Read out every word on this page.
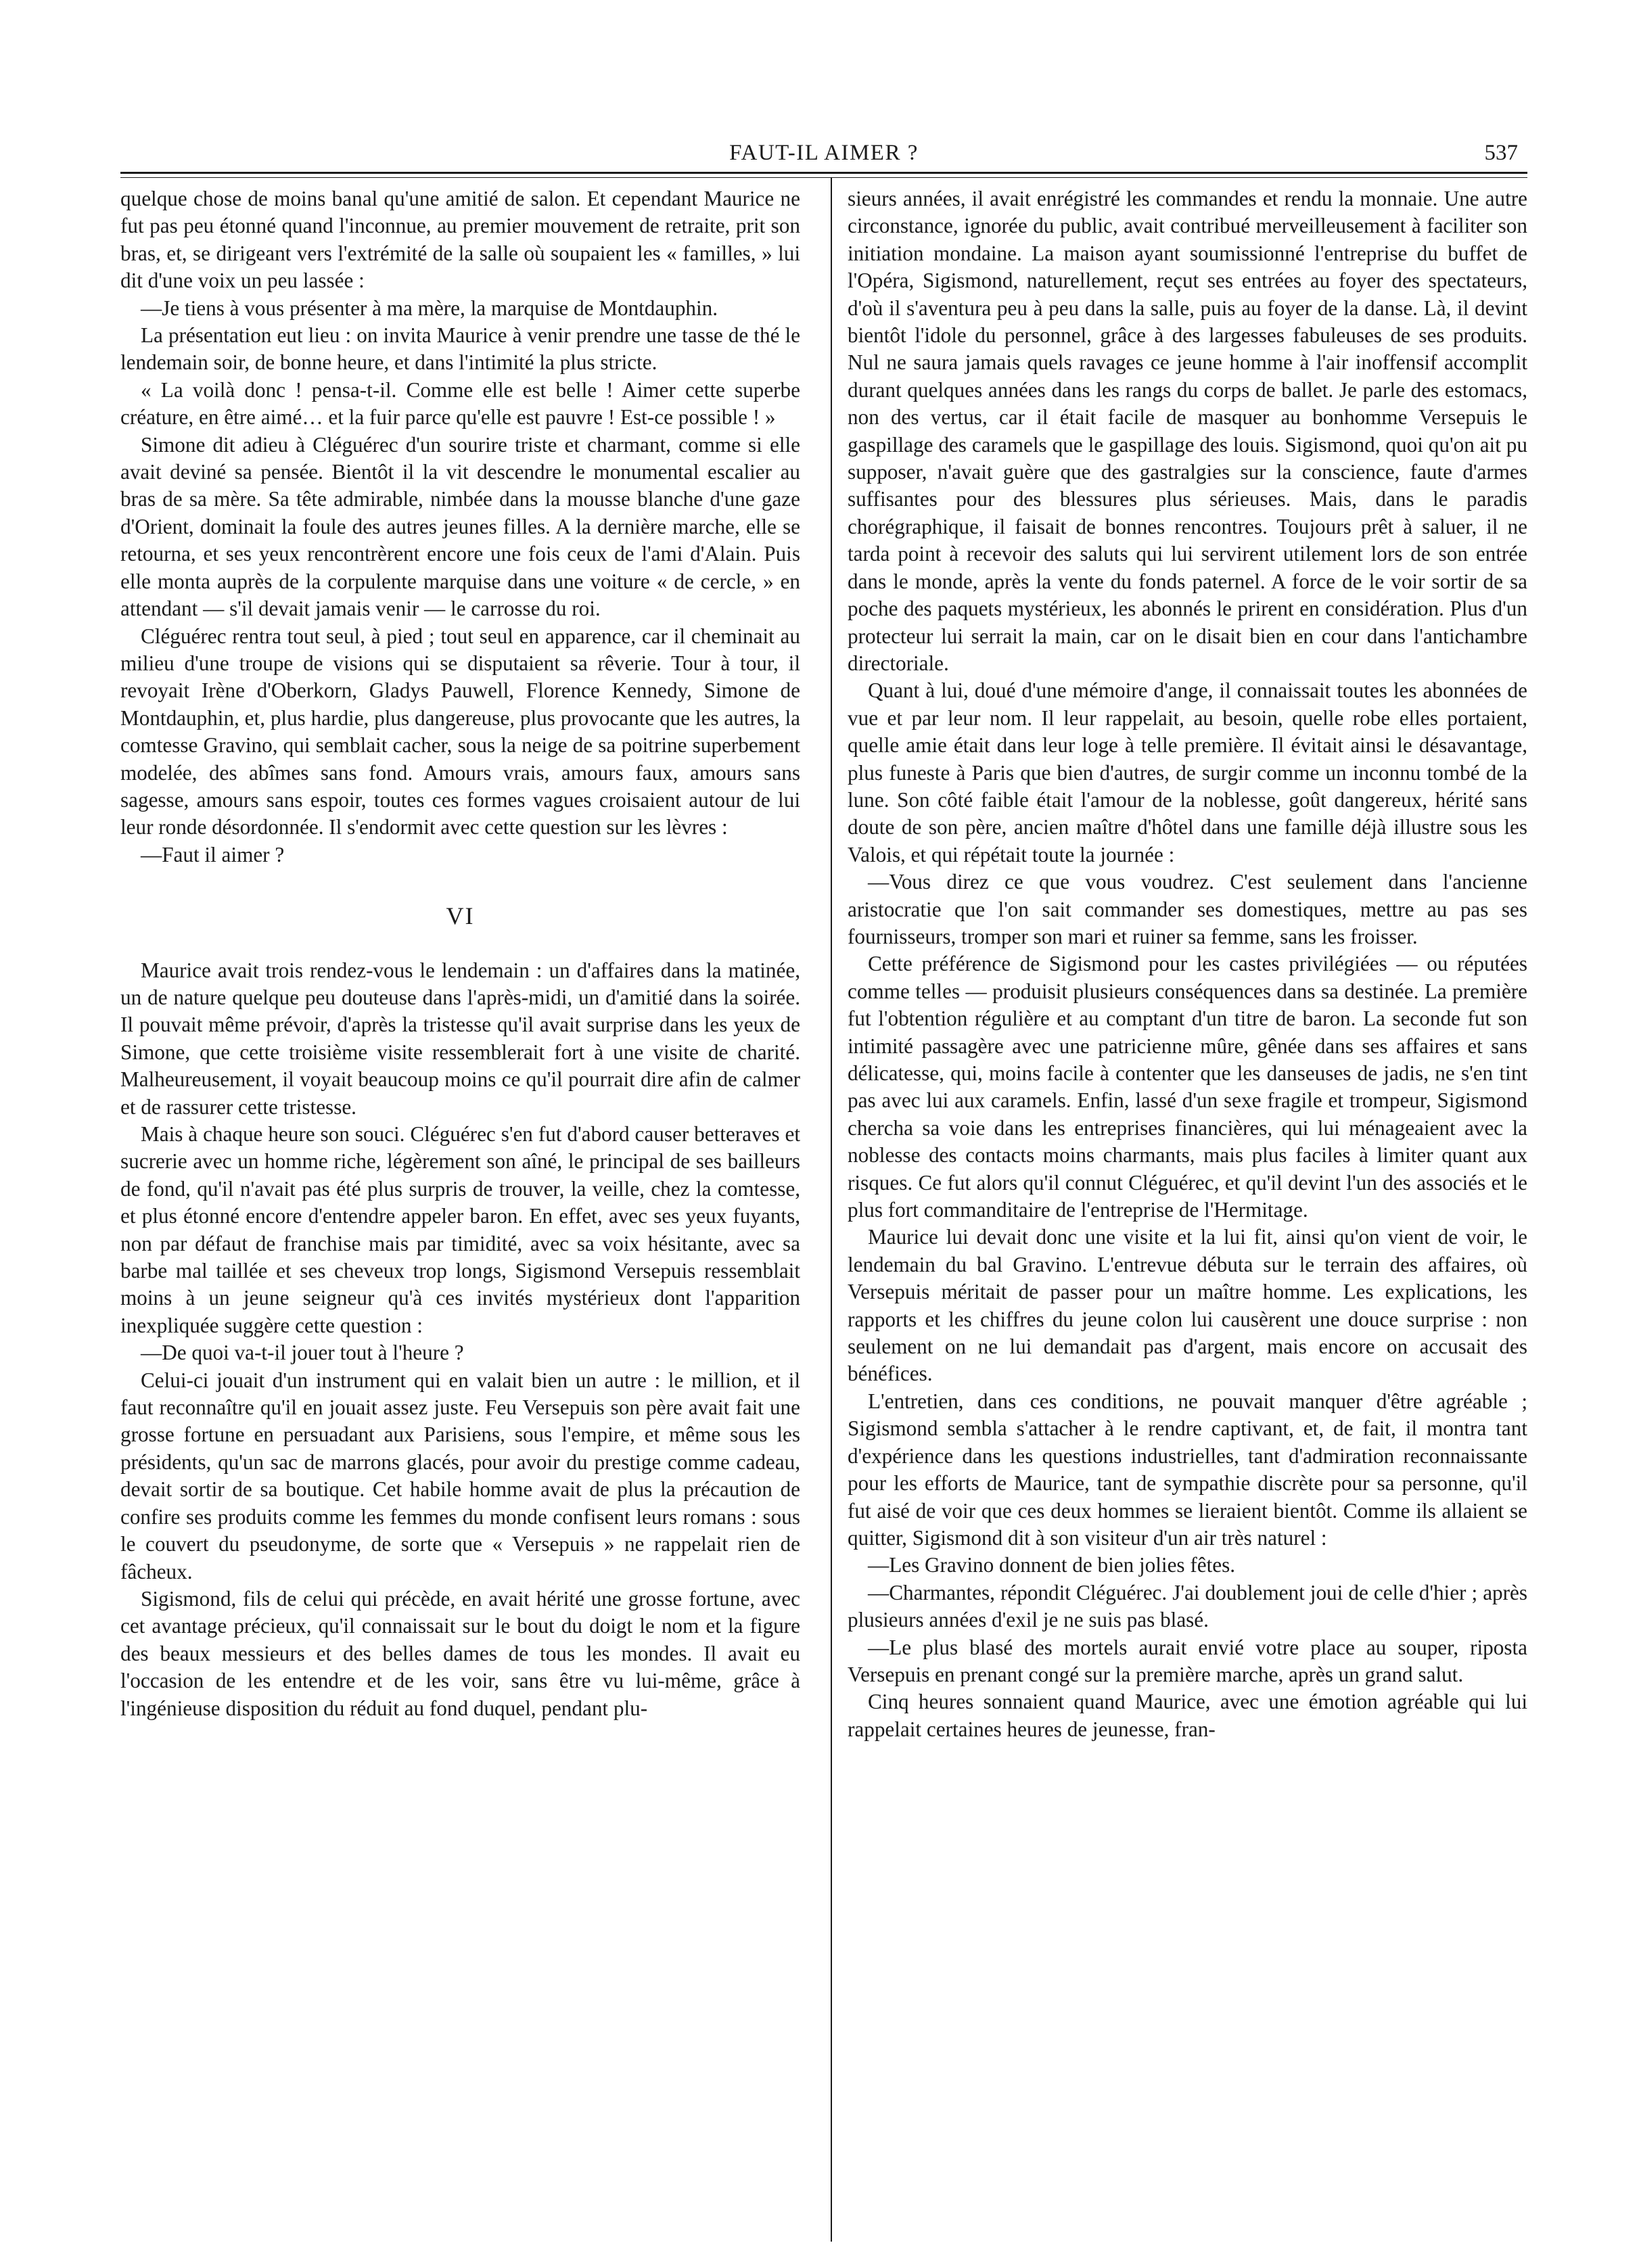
FAUT-IL AIMER ?	537

quelque chose de moins banal qu'une amitié de salon. Et cependant Maurice ne fut pas peu étonné quand l'inconnue, au premier mouvement de retraite, prit son bras, et, se dirigeant vers l'extrémité de la salle où soupaient les « familles, » lui dit d'une voix un peu lassée :

—Je tiens à vous présenter à ma mère, la marquise de Montdauphin.

La présentation eut lieu : on invita Maurice à venir prendre une tasse de thé le lendemain soir, de bonne heure, et dans l'intimité la plus stricte.

« La voilà donc ! pensa-t-il. Comme elle est belle ! Aimer cette superbe créature, en être aimé… et la fuir parce qu'elle est pauvre ! Est-ce possible ! »

Simone dit adieu à Cléguérec d'un sourire triste et charmant, comme si elle avait deviné sa pensée. Bientôt il la vit descendre le monumental escalier au bras de sa mère. Sa tête admirable, nimbée dans la mousse blanche d'une gaze d'Orient, dominait la foule des autres jeunes filles. A la dernière marche, elle se retourna, et ses yeux rencontrèrent encore une fois ceux de l'ami d'Alain. Puis elle monta auprès de la corpulente marquise dans une voiture « de cercle, » en attendant — s'il devait jamais venir — le carrosse du roi.

Cléguérec rentra tout seul, à pied ; tout seul en apparence, car il cheminait au milieu d'une troupe de visions qui se disputaient sa rêverie. Tour à tour, il revoyait Irène d'Oberkorn, Gladys Pauwell, Florence Kennedy, Simone de Montdauphin, et, plus hardie, plus dangereuse, plus provocante que les autres, la comtesse Gravino, qui semblait cacher, sous la neige de sa poitrine superbement modelée, des abîmes sans fond. Amours vrais, amours faux, amours sans sagesse, amours sans espoir, toutes ces formes vagues croisaient autour de lui leur ronde désordonnée. Il s'endormit avec cette question sur les lèvres :

—Faut il aimer ?

VI

Maurice avait trois rendez-vous le lendemain : un d'affaires dans la matinée, un de nature quelque peu douteuse dans l'après-midi, un d'amitié dans la soirée. Il pouvait même prévoir, d'après la tristesse qu'il avait surprise dans les yeux de Simone, que cette troisième visite ressemblerait fort à une visite de charité. Malheureusement, il voyait beaucoup moins ce qu'il pourrait dire afin de calmer et de rassurer cette tristesse.

Mais à chaque heure son souci. Cléguérec s'en fut d'abord causer betteraves et sucrerie avec un homme riche, légèrement son aîné, le principal de ses bailleurs de fond, qu'il n'avait pas été plus surpris de trouver, la veille, chez la comtesse, et plus étonné encore d'entendre appeler baron. En effet, avec ses yeux fuyants, non par défaut de franchise mais par timidité, avec sa voix hésitante, avec sa barbe mal taillée et ses cheveux trop longs, Sigismond Versepuis ressemblait moins à un jeune seigneur qu'à ces invités mystérieux dont l'apparition inexpliquée suggère cette question :

—De quoi va-t-il jouer tout à l'heure ?

Celui-ci jouait d'un instrument qui en valait bien un autre : le million, et il faut reconnaître qu'il en jouait assez juste. Feu Versepuis son père avait fait une grosse fortune en persuadant aux Parisiens, sous l'empire, et même sous les présidents, qu'un sac de marrons glacés, pour avoir du prestige comme cadeau, devait sortir de sa boutique. Cet habile homme avait de plus la précaution de confire ses produits comme les femmes du monde confisent leurs romans : sous le couvert du pseudonyme, de sorte que « Versepuis » ne rappelait rien de fâcheux.

Sigismond, fils de celui qui précède, en avait hérité une grosse fortune, avec cet avantage précieux, qu'il connaissait sur le bout du doigt le nom et la figure des beaux messieurs et des belles dames de tous les mondes. Il avait eu l'occasion de les entendre et de les voir, sans être vu lui-même, grâce à l'ingénieuse disposition du réduit au fond duquel, pendant plu-

sieurs années, il avait enrégistré les commandes et rendu la monnaie. Une autre circonstance, ignorée du public, avait contribué merveilleusement à faciliter son initiation mondaine. La maison ayant soumissionné l'entreprise du buffet de l'Opéra, Sigismond, naturellement, reçut ses entrées au foyer des spectateurs, d'où il s'aventura peu à peu dans la salle, puis au foyer de la danse. Là, il devint bientôt l'idole du personnel, grâce à des largesses fabuleuses de ses produits. Nul ne saura jamais quels ravages ce jeune homme à l'air inoffensif accomplit durant quelques années dans les rangs du corps de ballet. Je parle des estomacs, non des vertus, car il était facile de masquer au bonhomme Versepuis le gaspillage des caramels que le gaspillage des louis. Sigismond, quoi qu'on ait pu supposer, n'avait guère que des gastralgies sur la conscience, faute d'armes suffisantes pour des blessures plus sérieuses. Mais, dans le paradis chorégraphique, il faisait de bonnes rencontres. Toujours prêt à saluer, il ne tarda point à recevoir des saluts qui lui servirent utilement lors de son entrée dans le monde, après la vente du fonds paternel. A force de le voir sortir de sa poche des paquets mystérieux, les abonnés le prirent en considération. Plus d'un protecteur lui serrait la main, car on le disait bien en cour dans l'antichambre directoriale.

Quant à lui, doué d'une mémoire d'ange, il connaissait toutes les abonnées de vue et par leur nom. Il leur rappelait, au besoin, quelle robe elles portaient, quelle amie était dans leur loge à telle première. Il évitait ainsi le désavantage, plus funeste à Paris que bien d'autres, de surgir comme un inconnu tombé de la lune. Son côté faible était l'amour de la noblesse, goût dangereux, hérité sans doute de son père, ancien maître d'hôtel dans une famille déjà illustre sous les Valois, et qui répétait toute la journée :

—Vous direz ce que vous voudrez. C'est seulement dans l'ancienne aristocratie que l'on sait commander ses domestiques, mettre au pas ses fournisseurs, tromper son mari et ruiner sa femme, sans les froisser.

Cette préférence de Sigismond pour les castes privilégiées — ou réputées comme telles — produisit plusieurs conséquences dans sa destinée. La première fut l'obtention régulière et au comptant d'un titre de baron. La seconde fut son intimité passagère avec une patricienne mûre, gênée dans ses affaires et sans délicatesse, qui, moins facile à contenter que les danseuses de jadis, ne s'en tint pas avec lui aux caramels. Enfin, lassé d'un sexe fragile et trompeur, Sigismond chercha sa voie dans les entreprises financières, qui lui ménageaient avec la noblesse des contacts moins charmants, mais plus faciles à limiter quant aux risques. Ce fut alors qu'il connut Cléguérec, et qu'il devint l'un des associés et le plus fort commanditaire de l'entreprise de l'Hermitage.

Maurice lui devait donc une visite et la lui fit, ainsi qu'on vient de voir, le lendemain du bal Gravino. L'entrevue débuta sur le terrain des affaires, où Versepuis méritait de passer pour un maître homme. Les explications, les rapports et les chiffres du jeune colon lui causèrent une douce surprise : non seulement on ne lui demandait pas d'argent, mais encore on accusait des bénéfices.

L'entretien, dans ces conditions, ne pouvait manquer d'être agréable ; Sigismond sembla s'attacher à le rendre captivant, et, de fait, il montra tant d'expérience dans les questions industrielles, tant d'admiration reconnaissante pour les efforts de Maurice, tant de sympathie discrète pour sa personne, qu'il fut aisé de voir que ces deux hommes se lieraient bientôt. Comme ils allaient se quitter, Sigismond dit à son visiteur d'un air très naturel :

—Les Gravino donnent de bien jolies fêtes.

—Charmantes, répondit Cléguérec. J'ai doublement joui de celle d'hier ; après plusieurs années d'exil je ne suis pas blasé.

—Le plus blasé des mortels aurait envié votre place au souper, riposta Versepuis en prenant congé sur la première marche, après un grand salut.

Cinq heures sonnaient quand Maurice, avec une émotion agréable qui lui rappelait certaines heures de jeunesse, fran-
